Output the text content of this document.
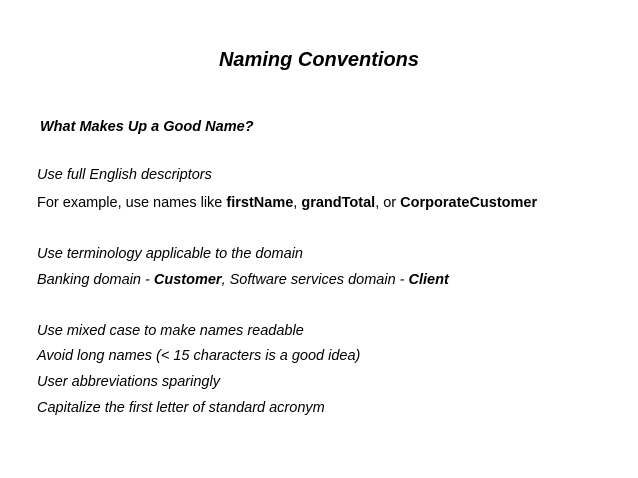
Naming Conventions
What Makes Up a Good Name?
Use full English descriptors
For example, use names like firstName, grandTotal, or CorporateCustomer
Use terminology applicable to the domain
Banking domain - Customer, Software services domain - Client
Use mixed case to make names readable
Avoid long names (< 15 characters is a good idea)
User abbreviations sparingly
Capitalize the first letter of standard acronym
